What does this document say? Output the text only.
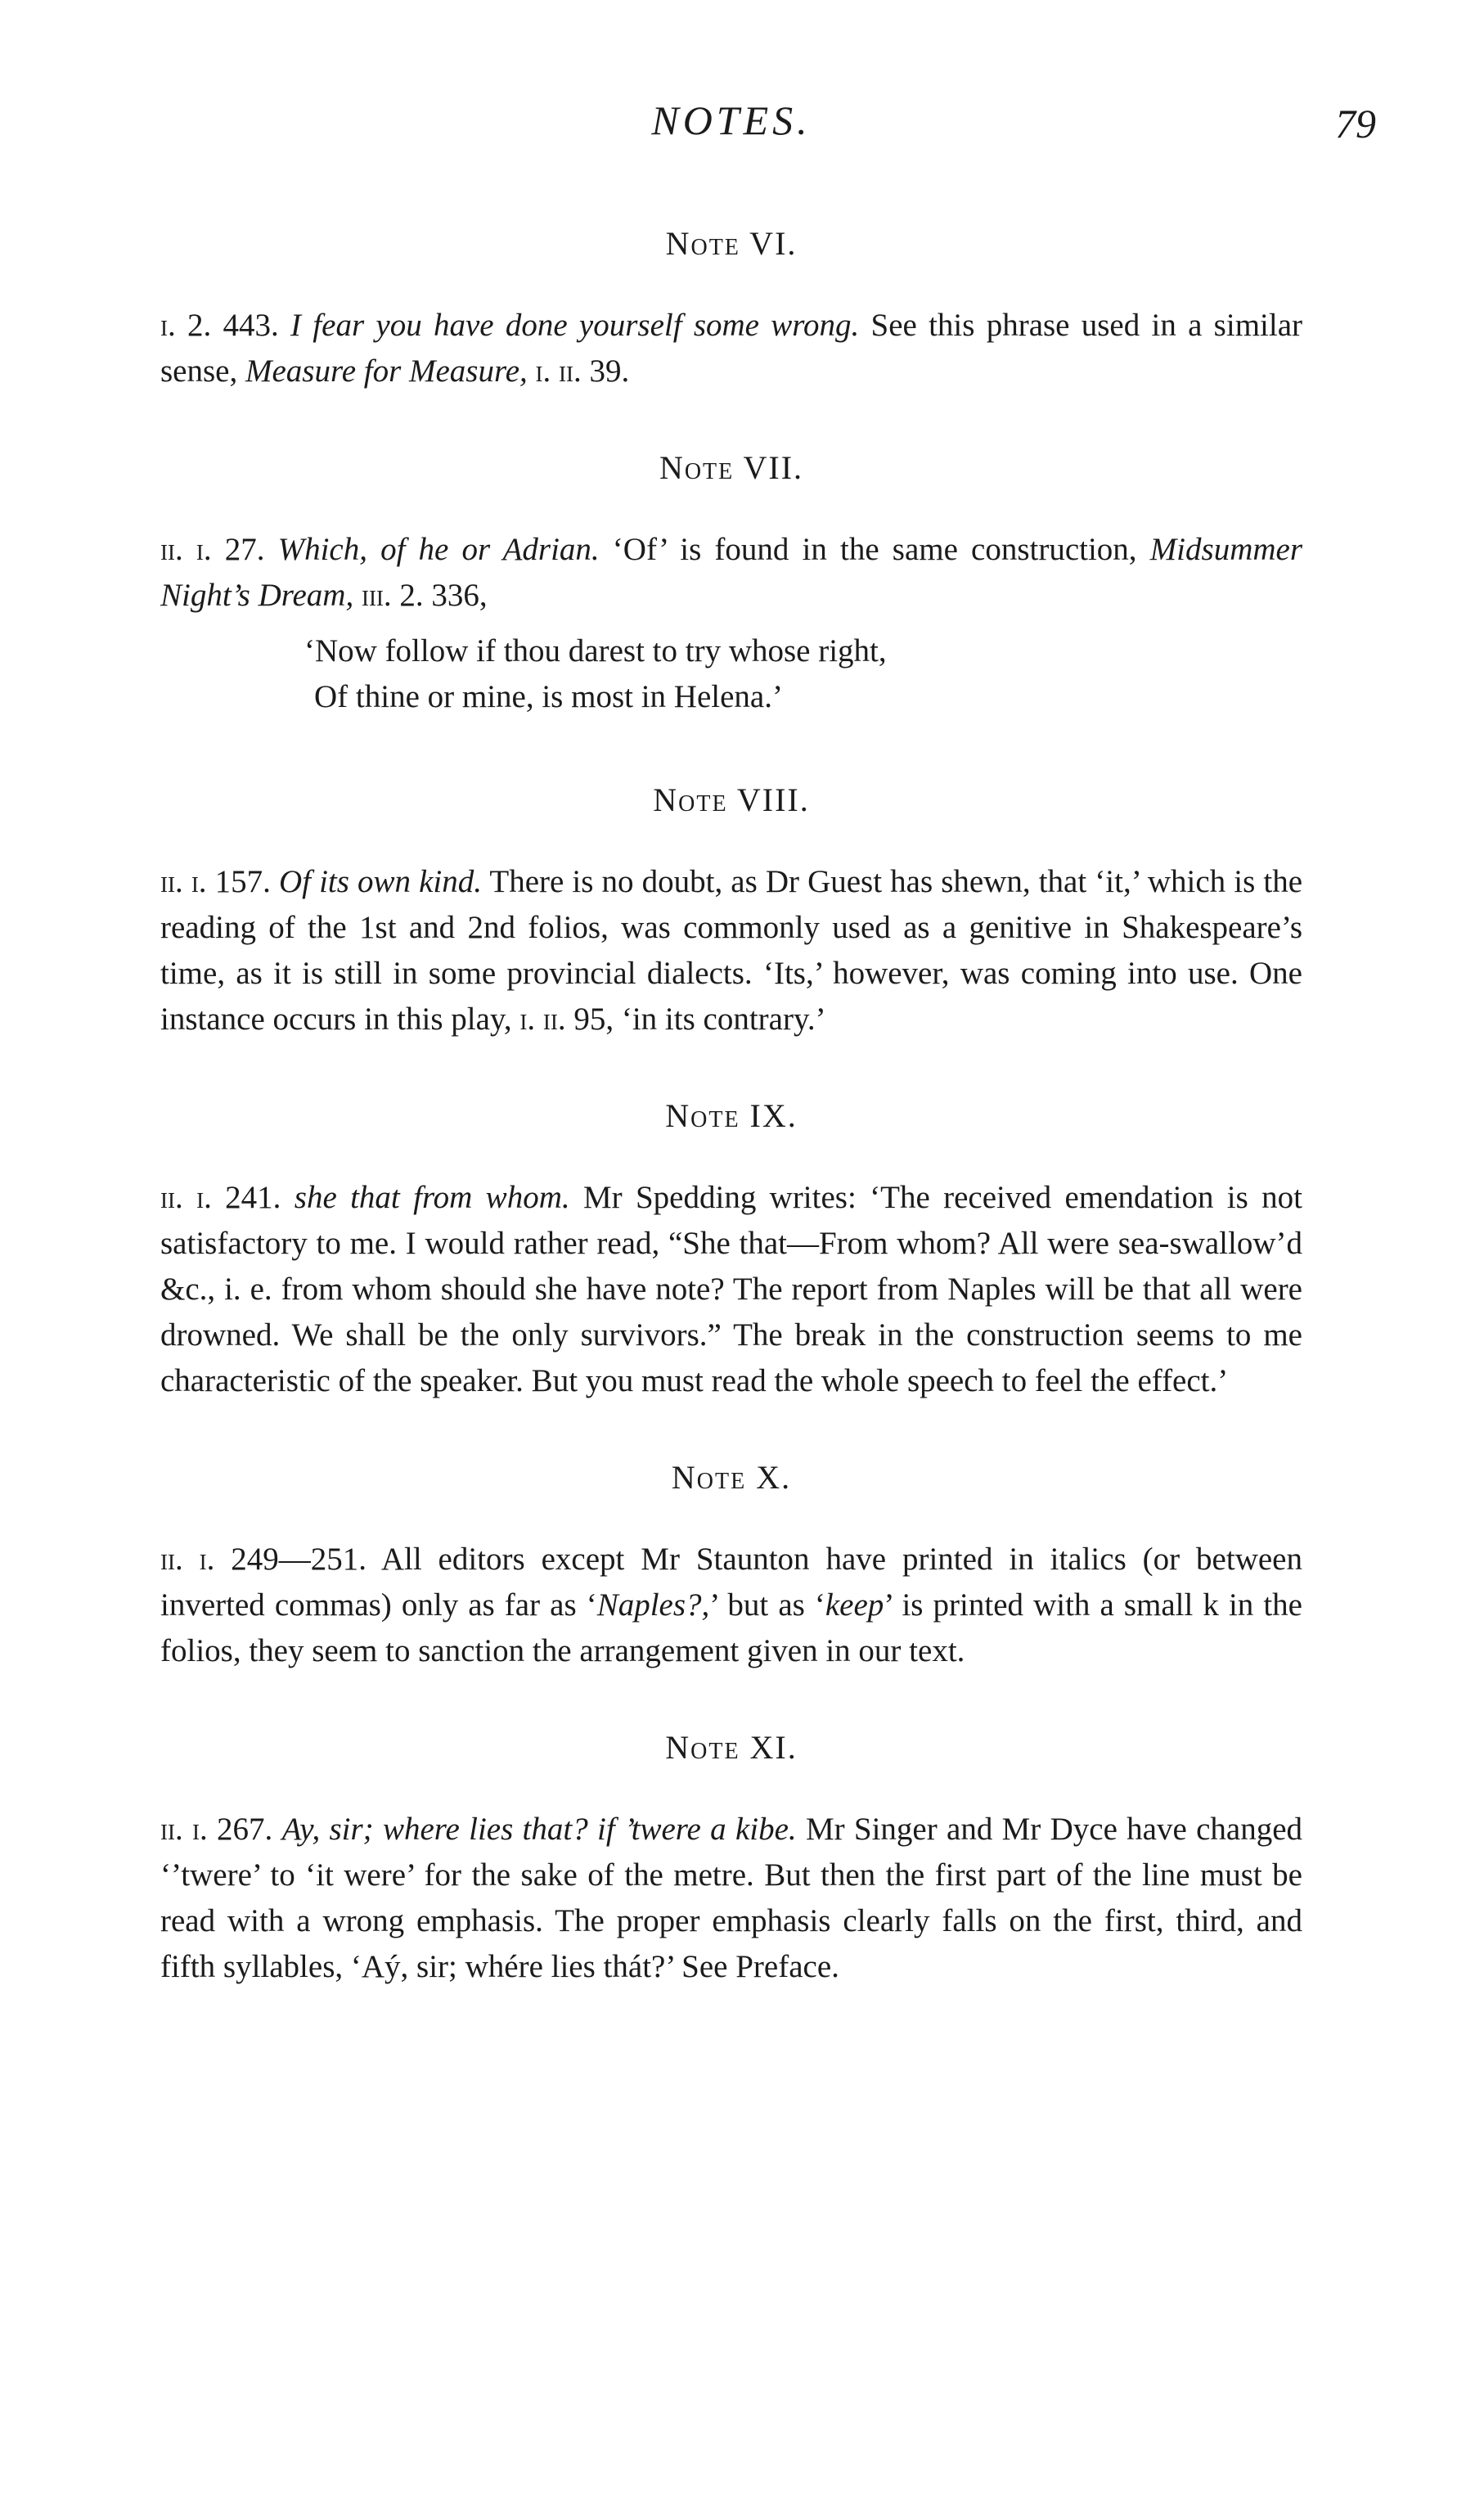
NOTES.	79
Note VI.

i. 2. 443. I fear you have done yourself some wrong. See this phrase used in a similar sense, Measure for Measure, i. ii. 39.

Note VII.

ii. i. 27. Which, of he or Adrian. ‘Of’ is found in the same construction, Midsummer Night’s Dream, iii. 2. 336,

‘Now follow if thou darest to try whose right,
Of thine or mine, is most in Helena.’
Note VIII.

ii. i. 157. Of its own kind. There is no doubt, as Dr Guest has shewn, that ‘it,’ which is the reading of the 1st and 2nd folios, was commonly used as a genitive in Shakespeare’s time, as it is still in some provincial dialects. ‘Its,’ however, was coming into use. One instance occurs in this play, i. ii. 95, ‘in its contrary.’

Note IX.

ii. i. 241. she that from whom. Mr Spedding writes: ‘The received emendation is not satisfactory to me. I would rather read, “She that—From whom? All were sea-swallow’d &c., i. e. from whom should she have note? The report from Naples will be that all were drowned. We shall be the only survivors.” The break in the construction seems to me characteristic of the speaker. But you must read the whole speech to feel the effect.’

Note X.

ii. i. 249—251. All editors except Mr Staunton have printed in italics (or between inverted commas) only as far as ‘Naples?,’ but as ‘keep’ is printed with a small k in the folios, they seem to sanction the arrangement given in our text.

Note XI.

ii. i. 267. Ay, sir; where lies that? if ’twere a kibe. Mr Singer and Mr Dyce have changed ‘’twere’ to ‘it were’ for the sake of the metre. But then the first part of the line must be read with a wrong emphasis. The proper emphasis clearly falls on the first, third, and fifth syllables, ‘Aý, sir; whére lies thát?’ See Preface.
